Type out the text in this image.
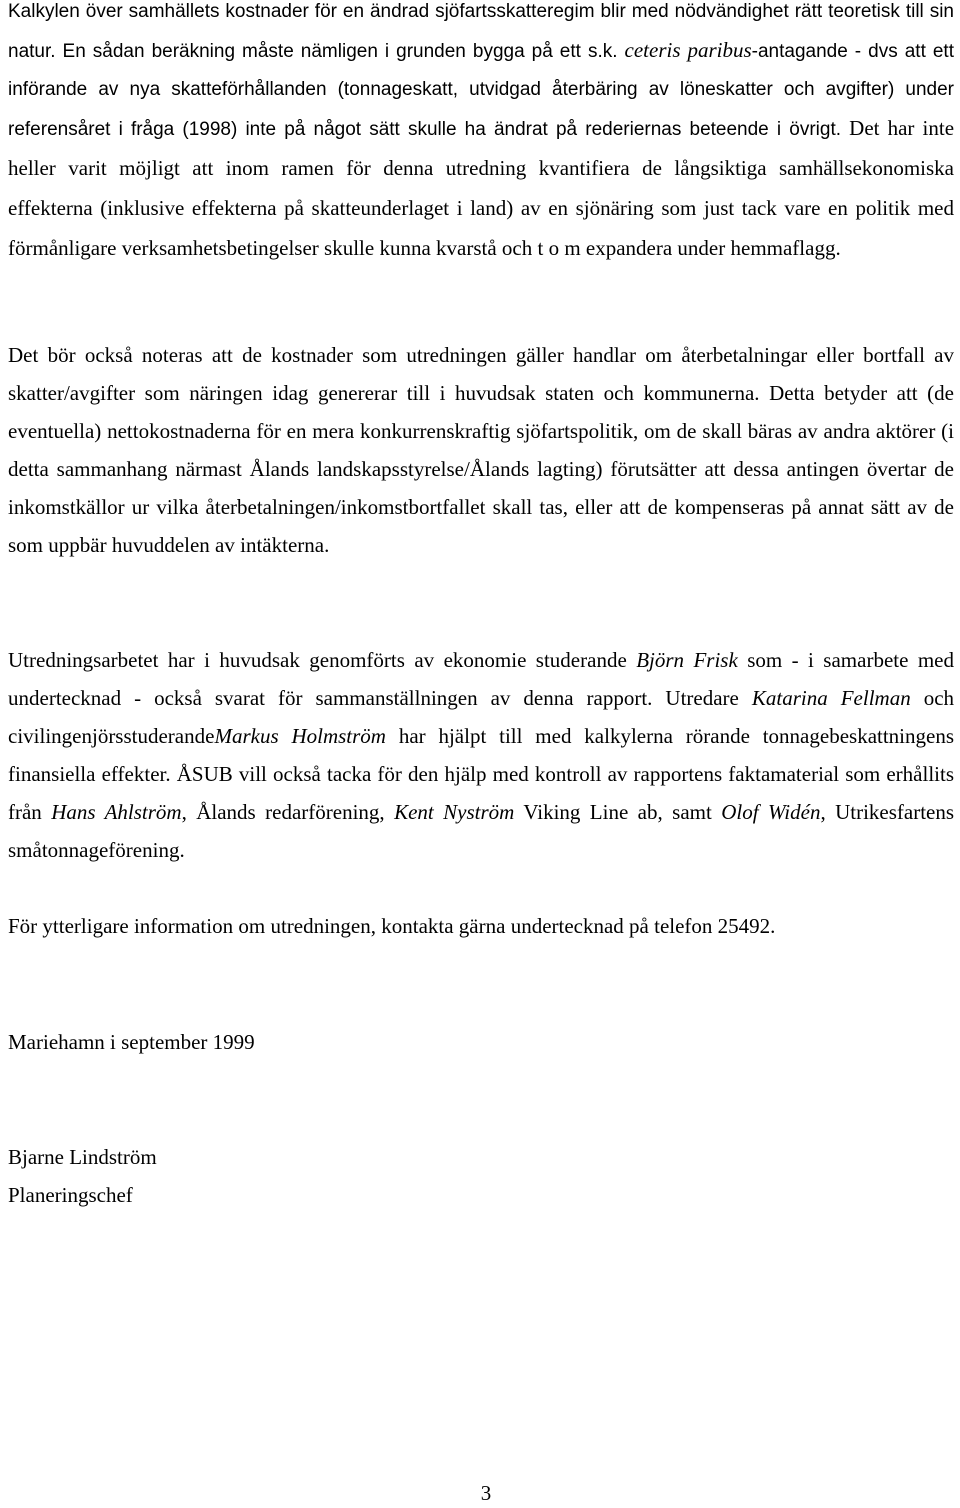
Kalkylen över samhällets kostnader för en ändrad sjöfartsskatteregim blir med nödvändighet rätt teoretisk till sin natur. En sådan beräkning måste nämligen i grunden bygga på ett s.k. ceteris paribus-antagande - dvs att ett införande av nya skatteförhållanden (tonnageskatt, utvidgad återbäring av löneskatter och avgifter) under referensåret i fråga (1998) inte på något sätt skulle ha ändrat på rederiernas beteende i övrigt. Det har inte heller varit möjligt att inom ramen för denna utredning kvantifiera de långsiktiga samhällsekonomiska effekterna (inklusive effekterna på skatteunderlaget i land) av en sjönäring som just tack vare en politik med förmånligare verksamhetsbetingelser skulle kunna kvarstå och t o m expandera under hemmaflagg.

Det bör också noteras att de kostnader som utredningen gäller handlar om återbetalningar eller bortfall av skatter/avgifter som näringen idag genererar till i huvudsak staten och kommunerna. Detta betyder att (de eventuella) nettokostnaderna för en mera konkurrenskraftig sjöfartspolitik, om de skall bäras av andra aktörer (i detta sammanhang närmast Ålands landskapsstyrelse/Ålands lagting) förutsätter att dessa antingen övertar de inkomstkällor ur vilka återbetalningen/inkomstbortfallet skall tas, eller att de kompenseras på annat sätt av de som uppbär huvuddelen av intäkterna.

Utredningsarbetet har i huvudsak genomförts av ekonomie studerande Björn Frisk som - i samarbete med undertecknad - också svarat för sammanställningen av denna rapport. Utredare Katarina Fellman och civilingenjörsstuderandeMarkus Holmström har hjälpt till med kalkylerna rörande tonnagebeskattningens finansiella effekter. ÅSUB vill också tacka för den hjälp med kontroll av rapportens faktamaterial som erhållits från Hans Ahlström, Ålands redarförening, Kent Nyström Viking Line ab, samt Olof Widén, Utrikesfartens småtonnageförening.

För ytterligare information om utredningen, kontakta gärna undertecknad på telefon 25492.

Mariehamn i september 1999

Bjarne Lindström

Planeringschef

3
